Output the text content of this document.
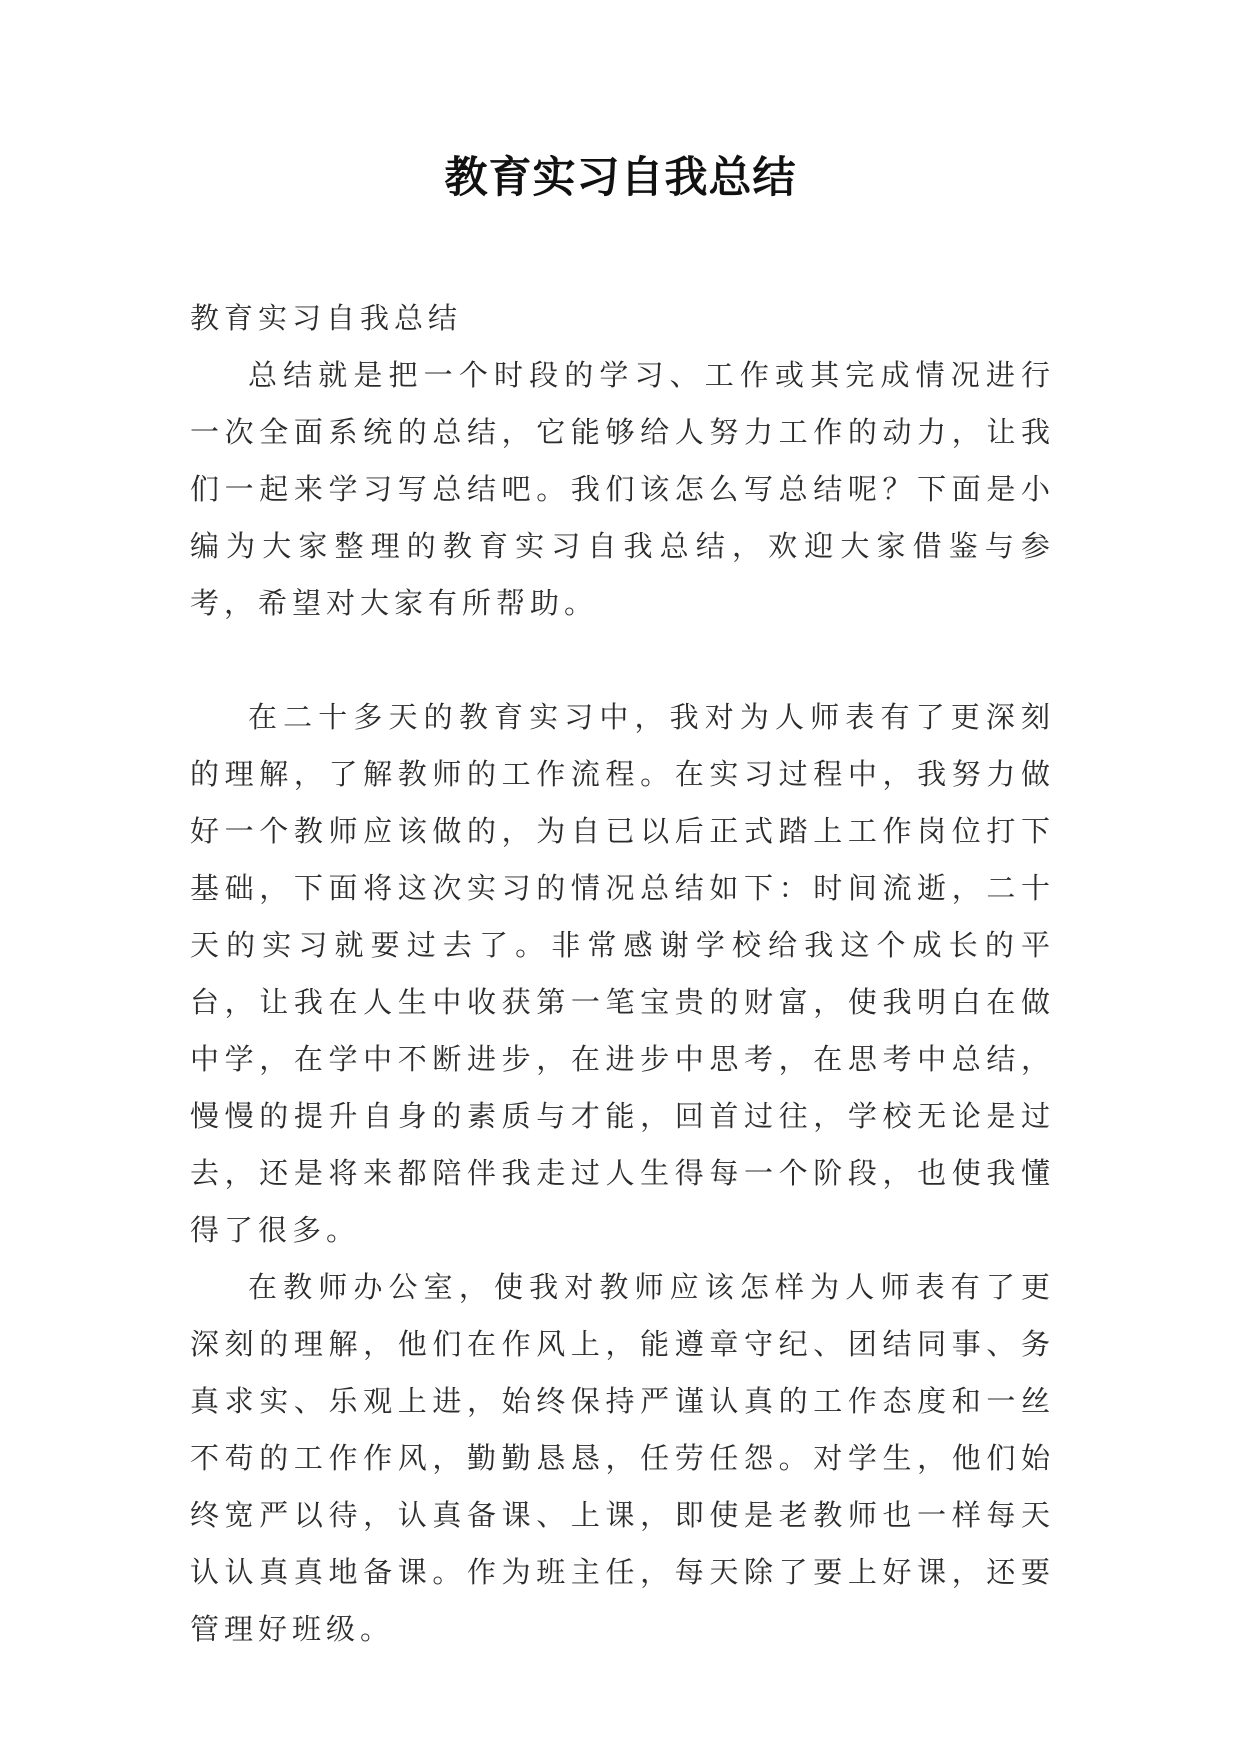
教育实习自我总结

教育实习自我总结

总结就是把一个时段的学习、工作或其完成情况进行一次全面系统的总结，它能够给人努力工作的动力，让我们一起来学习写总结吧。我们该怎么写总结呢？下面是小编为大家整理的教育实习自我总结，欢迎大家借鉴与参考，希望对大家有所帮助。

在二十多天的教育实习中，我对为人师表有了更深刻的理解，了解教师的工作流程。在实习过程中，我努力做好一个教师应该做的，为自已以后正式踏上工作岗位打下基础，下面将这次实习的情况总结如下：时间流逝，二十天的实习就要过去了。非常感谢学校给我这个成长的平台，让我在人生中收获第一笔宝贵的财富，使我明白在做中学，在学中不断进步，在进步中思考，在思考中总结，慢慢的提升自身的素质与才能，回首过往，学校无论是过去，还是将来都陪伴我走过人生得每一个阶段，也使我懂得了很多。

在教师办公室，使我对教师应该怎样为人师表有了更深刻的理解，他们在作风上，能遵章守纪、团结同事、务真求实、乐观上进，始终保持严谨认真的工作态度和一丝不苟的工作作风，勤勤恳恳，任劳任怨。对学生，他们始终宽严以待，认真备课、上课，即使是老教师也一样每天认认真真地备课。作为班主任，每天除了要上好课，还要管理好班级。
